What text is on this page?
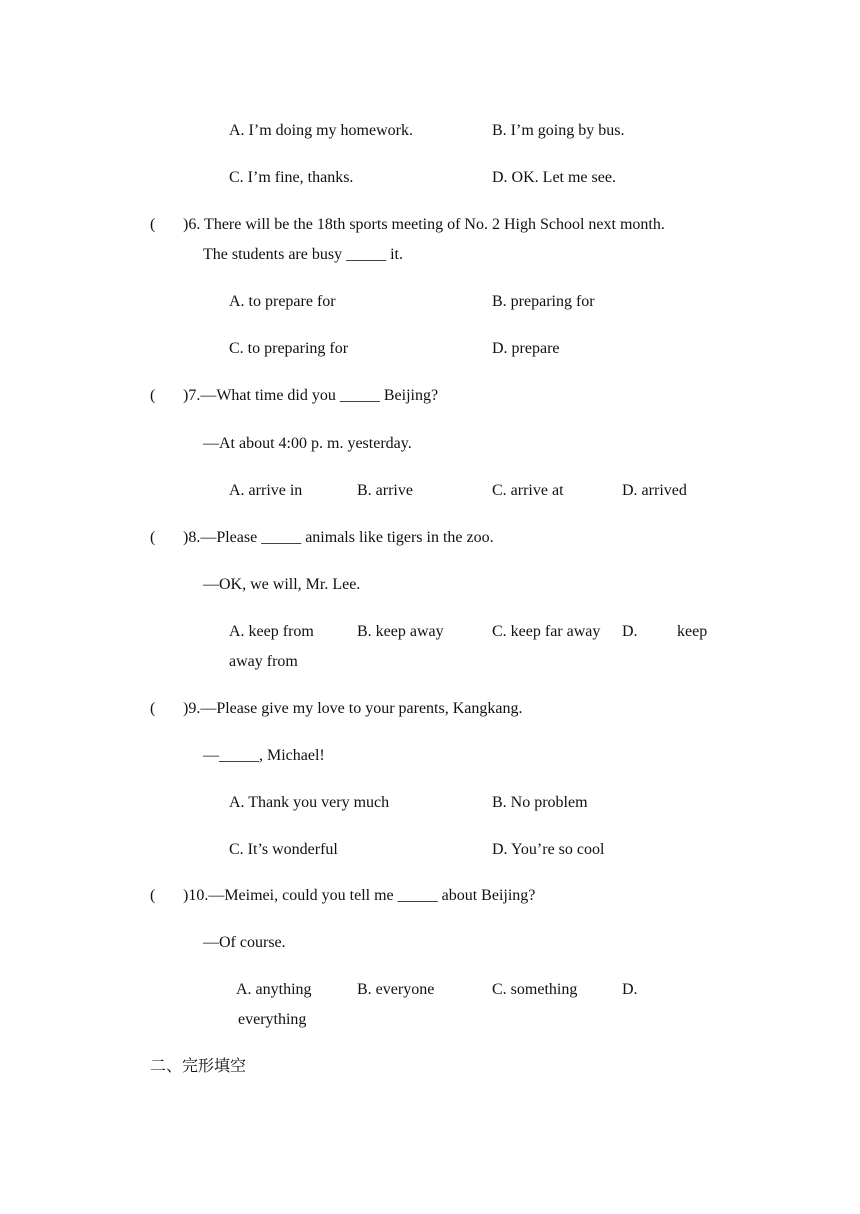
A. I’m doing my homework.	B. I’m going by bus.
C. I’m fine, thanks.	D. OK. Let me see.
( )6. There will be the 18th sports meeting of No. 2 High School next month.
The students are busy _____ it.
A. to prepare for	B. preparing for
C. to preparing for	D. prepare
( )7.—What time did you _____ Beijing?
—At about 4:00 p. m. yesterday.
A. arrive in	B. arrive	C. arrive at	D. arrived
( )8.—Please _____ animals like tigers in the zoo.
—OK, we will, Mr. Lee.
A. keep from	B. keep away	C. keep far away D. keep
away from
( )9.—Please give my love to your parents, Kangkang.
—_____, Michael!
A. Thank you very much	B. No problem
C. It’s wonderful	D. You’re so cool
( )10.—Meimei, could you tell me _____ about Beijing?
—Of course.
A. anything	B. everyone	C. something	D.
everything
二、完形填空
